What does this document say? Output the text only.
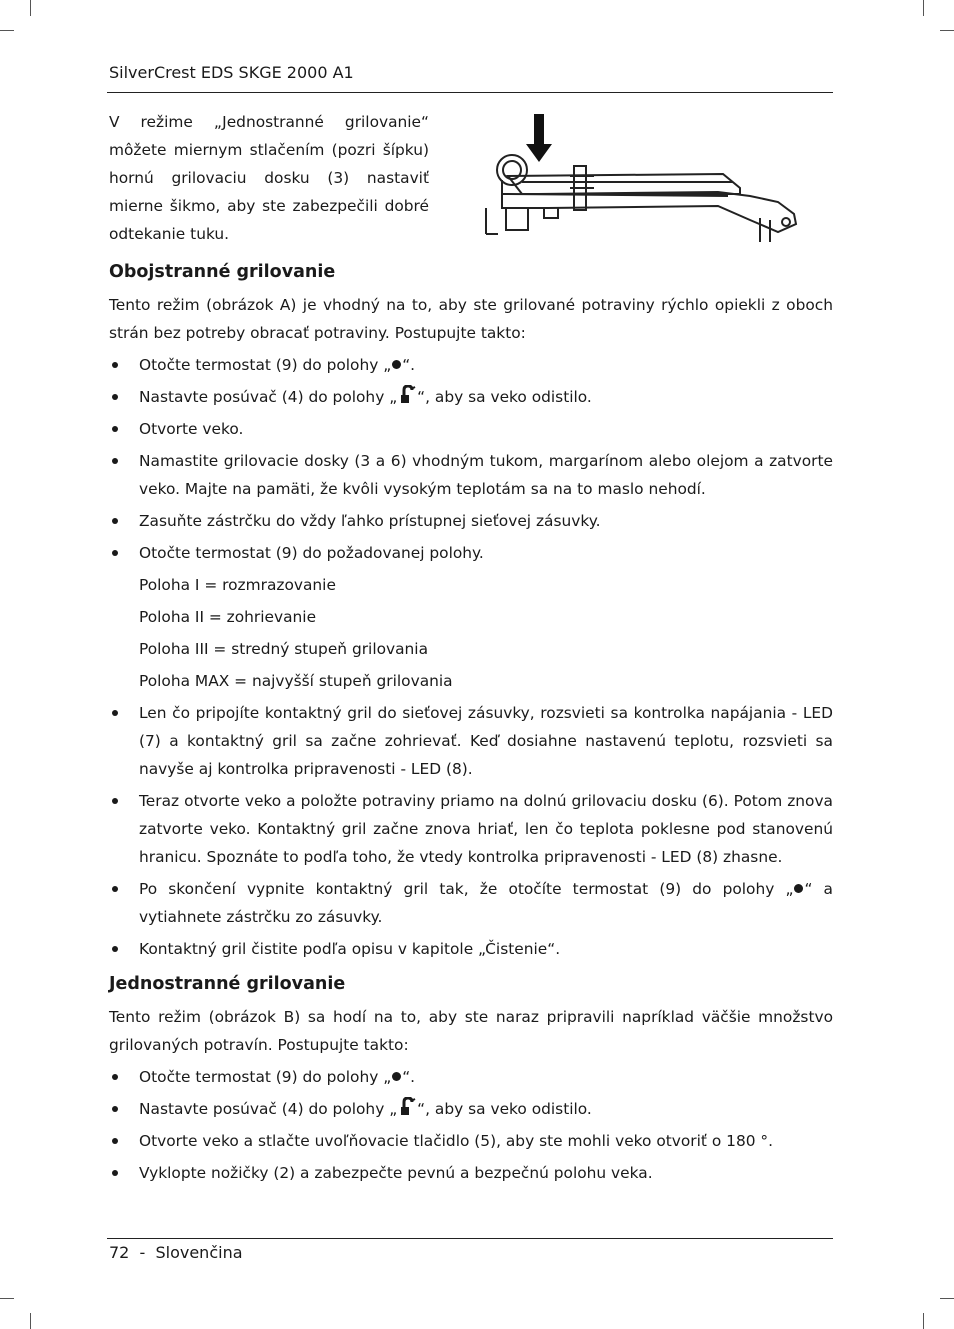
SilverCrest EDS SKGE 2000 A1
V režime „Jednostranné grilovanie“ môžete miernym stlačením (pozri šípku) hornú grilovaciu dosku (3) nastaviť mierne šikmo, aby ste zabezpečili dobré odtekanie tuku.
Obojstranné grilovanie

Tento režim (obrázok A) je vhodný na to, aby ste grilované potraviny rýchlo opiekli z oboch strán bez potreby obracať potraviny. Postupujte takto:

Otočte termostat (9) do polohy „ “.
Nastavte posúvač (4) do polohy „ “, aby sa veko odistilo.
Otvorte veko.
Namastite grilovacie dosky (3 a 6) vhodným tukom, margarínom alebo olejom a zatvorte veko. Majte na pamäti, že kvôli vysokým teplotám sa na to maslo nehodí.
Zasuňte zástrčku do vždy ľahko prístupnej sieťovej zásuvky.
Otočte termostat (9) do požadovanej polohy.
Poloha I = rozmrazovanie
Poloha II = zohrievanie
Poloha III = stredný stupeň grilovania
Poloha MAX = najvyšší stupeň grilovania
Len čo pripojíte kontaktný gril do sieťovej zásuvky, rozsvieti sa kontrolka napájania - LED (7) a kontaktný gril sa začne zohrievať. Keď dosiahne nastavenú teplotu, rozsvieti sa navyše aj kontrolka pripravenosti - LED (8).
Teraz otvorte veko a položte potraviny priamo na dolnú grilovaciu dosku (6). Potom znova zatvorte veko. Kontaktný gril začne znova hriať, len čo teplota poklesne pod stanovenú hranicu. Spoznáte to podľa toho, že vtedy kontrolka pripravenosti - LED (8) zhasne.
Po skončení vypnite kontaktný gril tak, že otočíte termostat (9) do polohy „ “ a vytiahnete zástrčku zo zásuvky.
Kontaktný gril čistite podľa opisu v kapitole „Čistenie“.
Jednostranné grilovanie

Tento režim (obrázok B) sa hodí na to, aby ste naraz pripravili napríklad väčšie množstvo grilovaných potravín. Postupujte takto:

Otočte termostat (9) do polohy „ “.
Nastavte posúvač (4) do polohy „ “, aby sa veko odistilo.
Otvorte veko a stlačte uvoľňovacie tlačidlo (5), aby ste mohli veko otvoriť o 180 °.
Vyklopte nožičky (2) a zabezpečte pevnú a bezpečnú polohu veka.
72  -  Slovenčina
